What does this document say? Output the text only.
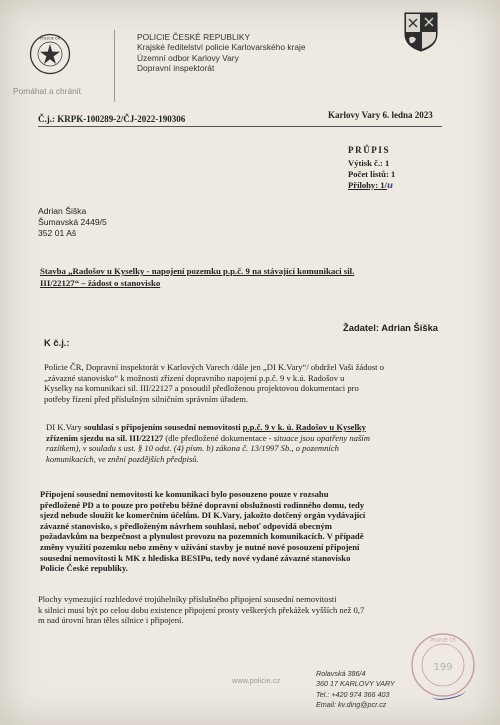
POLICIE ČR
Pomáhat a chránit
POLICIE ČESKÉ REPUBLIKY
Krajské ředitelství policie Karlovarského kraje
Územní odbor Karlovy Vary
Dopravní inspektorát
Č.j.: KRPK-100289-2/ČJ-2022-190306	Karlovy Vary 6. ledna 2023
PRŮPIS
Výtisk č.: 1
Počet listů: 1
Přílohy: 1/u
Adrian Šiška
Šumavská 2449/5
352 01 Aš
Stavba „Radošov u Kyselky - napojení pozemku p.p.č. 9 na stávající komunikaci sil.
III/22127“ – žádost o stanovisko
Žadatel: Adrian Šiška
K č.j.:
Policie ČR, Dopravní inspektorát v Karlových Varech /dále jen „DI K.Vary“/ obdržel Vaši žádost o
„závazné stanovisko“ k možnosti zřízení dopravního napojení p.p.č. 9 v k.ú. Radošov u
Kyselky na komunikaci sil. III/22127 a posoudil předloženou projektovou dokumentaci pro
potřeby řízení před příslušným silničním správním úřadem.
DI K.Vary souhlasí s připojením sousední nemovitosti p.p.č. 9 v k. ú. Radošov u Kyselky
zřízením sjezdu na sil. III/22127 (dle předložené dokumentace - situace jsou opatřeny naším
razítkem), v souladu s ust. § 10 odst. (4) písm. b) zákona č. 13/1997 Sb., o pozemních
komunikacích, ve znění pozdějších předpisů.
Připojení sousední nemovitosti ke komunikaci bylo posouzeno pouze v rozsahu
předložené PD a to pouze pro potřebu běžné dopravní obslužnosti rodinného domu, tedy
sjezd nebude sloužit ke komerčním účelům. DI K.Vary, jakožto dotčený orgán vydávající
závazné stanovisko, s předloženým návrhem souhlasí, neboť odpovídá obecným
požadavkům na bezpečnost a plynulost provozu na pozemních komunikacích. V případě
změny využití pozemku nebo změny v užívání stavby je nutné nové posouzení připojení
sousední nemovitosti k MK z hlediska BESIPu, tedy nové vydané závazné stanovisko
Policie České republiky.
Plochy vymezující rozhledové trojúhelníky příslušného připojení sousední nemovitosti
k silnici musí být po celou dobu existence připojení prosty veškerých překážek vyšších než 0,7
m nad úrovní hran těles silnice i připojení.
www.policie.cz
Rolavská 386/4
360 17 KARLOVY VARY
Tel.: +420 974 366 403
Email: kv.ding@pcr.cz
POLICIE ČR
199
